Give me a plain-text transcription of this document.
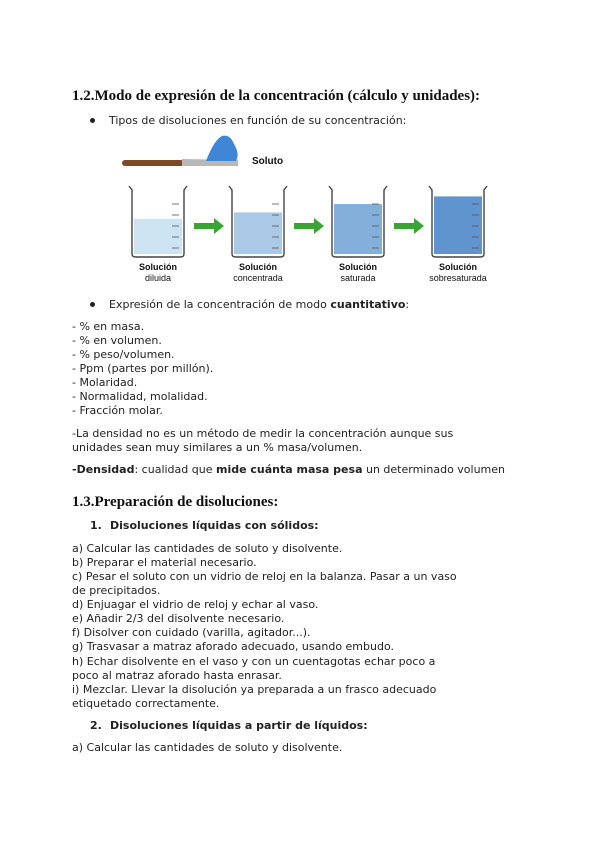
1.2.Modo de expresión de la concentración (cálculo y unidades):
Tipos de disoluciones en función de su concentración:
Soluto
Solución
diluida
Solución
concentrada
Solución
saturada
Solución
sobresaturada
Expresión de la concentración de modo cuantitativo:
- % en masa.
- % en volumen.
- % peso/volumen.
- Ppm (partes por millón).
- Molaridad.
- Normalidad, molalidad.
- Fracción molar.
-La densidad no es un método de medir la concentración aunque sus
unidades sean muy similares a un % masa/volumen.
-Densidad: cualidad que mide cuánta masa pesa un determinado volumen
1.3.Preparación de disoluciones:
1. Disoluciones líquidas con sólidos:
a) Calcular las cantidades de soluto y disolvente.
b) Preparar el material necesario.
c) Pesar el soluto con un vidrio de reloj en la balanza. Pasar a un vaso
de precipitados.
d) Enjuagar el vidrio de reloj y echar al vaso.
e) Añadir 2/3 del disolvente necesario.
f) Disolver con cuidado (varilla, agitador...).
g) Trasvasar a matraz aforado adecuado, usando embudo.
h) Echar disolvente en el vaso y con un cuentagotas echar poco a
poco al matraz aforado hasta enrasar.
i) Mezclar. Llevar la disolución ya preparada a un frasco adecuado
etiquetado correctamente.
2. Disoluciones líquidas a partir de líquidos:
a) Calcular las cantidades de soluto y disolvente.
